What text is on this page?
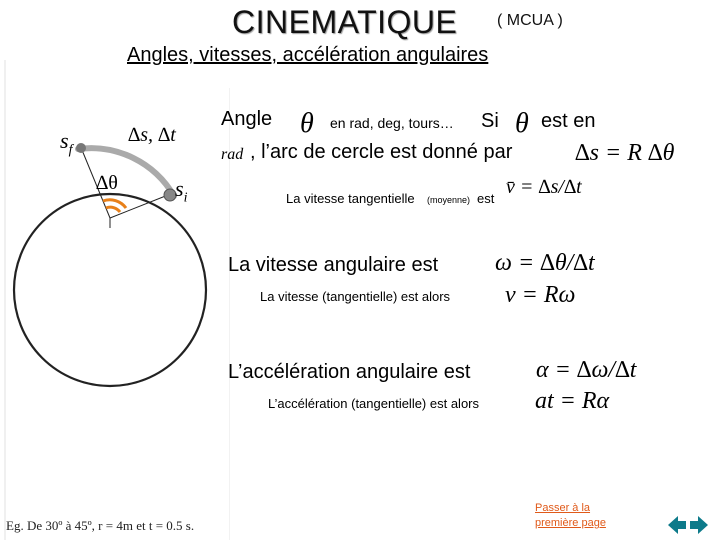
CINEMATIQUE ( MCUA )
Angles, vitesses, accélération angulaires
$s_f$
∆s, ∆t
∆θ	$s_i$
Angle θ en rad, deg, tours… Si θ est en
rad , l’arc de cercle est donné par	∆s = R ∆θ
La vitesse tangentielle (moyenne) est
v̄ = ∆s/∆t
La vitesse angulaire est ω = ∆θ/∆t
La vitesse (tangentielle) est alors v = Rω
L’accélération angulaire est	α = ∆ω/∆t
L’accélération (tangentielle) est alors at = Rα
Eg. De 30º à 45º, r = 4m et t = 0.5 s.
Passer à la première page
